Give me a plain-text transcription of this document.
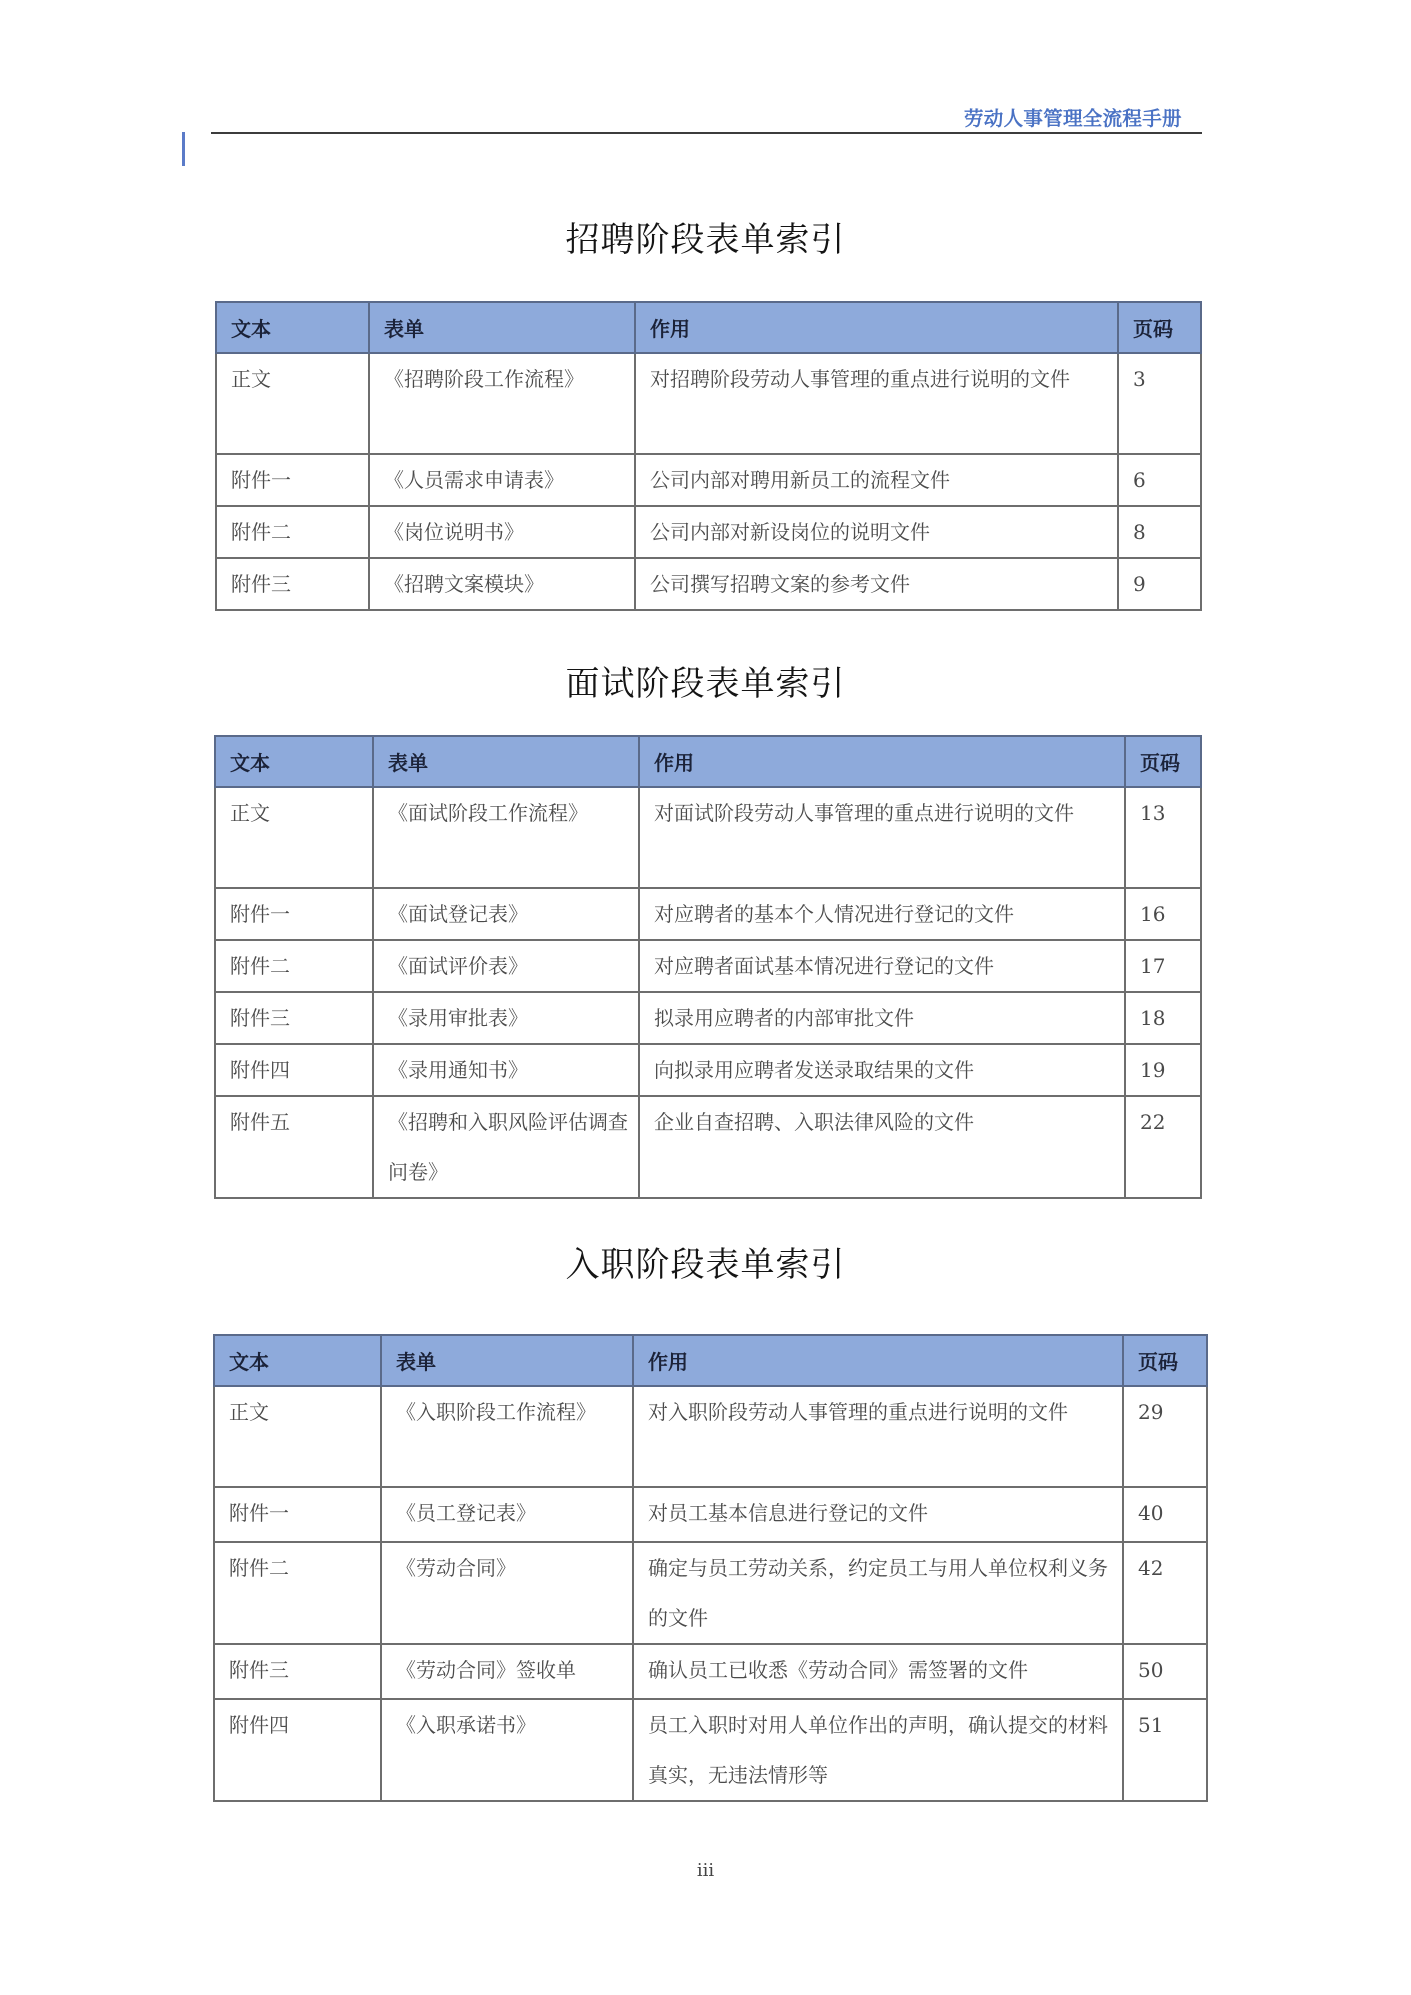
劳动人事管理全流程手册
招聘阶段表单索引
文本	表单	作用	页码
正文	《招聘阶段工作流程》	对招聘阶段劳动人事管理的重点进行说明的文件	3
附件一	《人员需求申请表》	公司内部对聘用新员工的流程文件	6
附件二	《岗位说明书》	公司内部对新设岗位的说明文件	8
附件三	《招聘文案模块》	公司撰写招聘文案的参考文件	9
面试阶段表单索引
文本	表单	作用	页码
正文	《面试阶段工作流程》	对面试阶段劳动人事管理的重点进行说明的文件	13
附件一	《面试登记表》	对应聘者的基本个人情况进行登记的文件	16
附件二	《面试评价表》	对应聘者面试基本情况进行登记的文件	17
附件三	《录用审批表》	拟录用应聘者的内部审批文件	18
附件四	《录用通知书》	向拟录用应聘者发送录取结果的文件	19
附件五	《招聘和入职风险评估调查问卷》	企业自查招聘、入职法律风险的文件	22
入职阶段表单索引
文本	表单	作用	页码
正文	《入职阶段工作流程》	对入职阶段劳动人事管理的重点进行说明的文件	29
附件一	《员工登记表》	对员工基本信息进行登记的文件	40
附件二	《劳动合同》	确定与员工劳动关系，约定员工与用人单位权利义务的文件	42
附件三	《劳动合同》签收单	确认员工已收悉《劳动合同》需签署的文件	50
附件四	《入职承诺书》	员工入职时对用人单位作出的声明，确认提交的材料真实，无违法情形等	51
iii
